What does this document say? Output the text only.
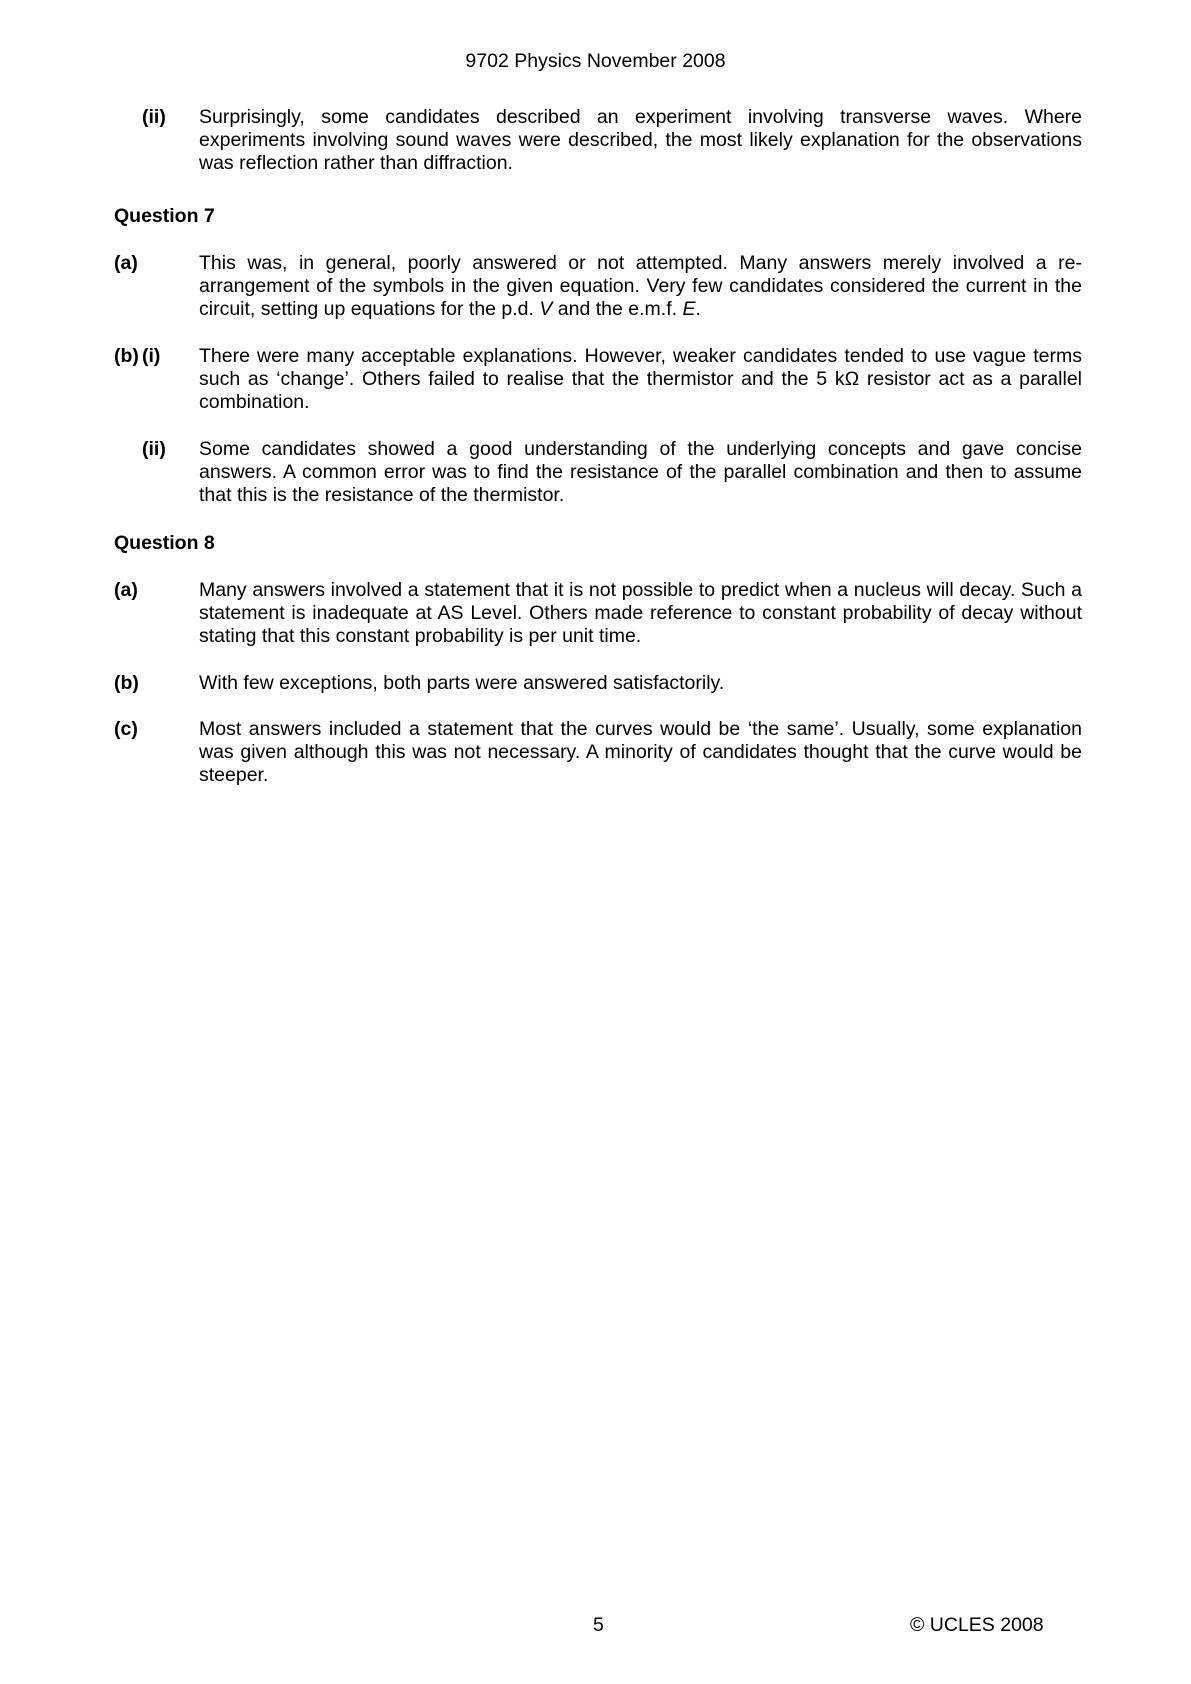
9702 Physics November 2008
(ii) Surprisingly, some candidates described an experiment involving transverse waves. Where experiments involving sound waves were described, the most likely explanation for the observations was reflection rather than diffraction.
Question 7
(a)	This was, in general, poorly answered or not attempted. Many answers merely involved a re-arrangement of the symbols in the given equation. Very few candidates considered the current in the circuit, setting up equations for the p.d. V and the e.m.f. E.
(b) (i) There were many acceptable explanations. However, weaker candidates tended to use vague terms such as ‘change’. Others failed to realise that the thermistor and the 5 kΩ resistor act as a parallel combination.
(ii) Some candidates showed a good understanding of the underlying concepts and gave concise answers. A common error was to find the resistance of the parallel combination and then to assume that this is the resistance of the thermistor.
Question 8
(a)	Many answers involved a statement that it is not possible to predict when a nucleus will decay. Such a statement is inadequate at AS Level. Others made reference to constant probability of decay without stating that this constant probability is per unit time.
(b)	With few exceptions, both parts were answered satisfactorily.
(c)	Most answers included a statement that the curves would be ‘the same’. Usually, some explanation was given although this was not necessary. A minority of candidates thought that the curve would be steeper.
5	© UCLES 2008
